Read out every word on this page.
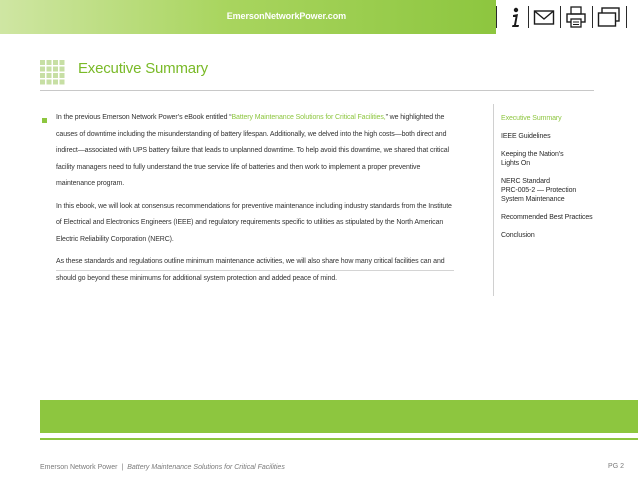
EmersonNetworkPower.com
Executive Summary

In the previous Emerson Network Power’s eBook entitled “Battery Maintenance Solutions for Critical Facilities,” we highlighted the causes of downtime including the misunderstanding of battery lifespan. Additionally, we delved into the high costs—both direct and indirect—associated with UPS battery failure that leads to unplanned downtime. To help avoid this downtime, we shared that critical facility managers need to fully understand the true service life of batteries and then work to implement a proper preventive maintenance program.

In this ebook, we will look at consensus recommendations for preventive maintenance including industry standards from the Institute of Electrical and Electronics Engineers (IEEE) and regulatory requirements specific to utilities as stipulated by the North American Electric Reliability Corporation (NERC).

As these standards and regulations outline minimum maintenance activities, we will also share how many critical facilities can and should go beyond these minimums for additional system protection and added peace of mind.

Executive Summary
IEEE Guidelines
Keeping the Nation’s
Lights On
NERC Standard
PRC-005-2 — Protection
System Maintenance
Recommended Best Practices
Conclusion
Emerson Network Power | Battery Maintenance Solutions for Critical Facilities	PG 2
